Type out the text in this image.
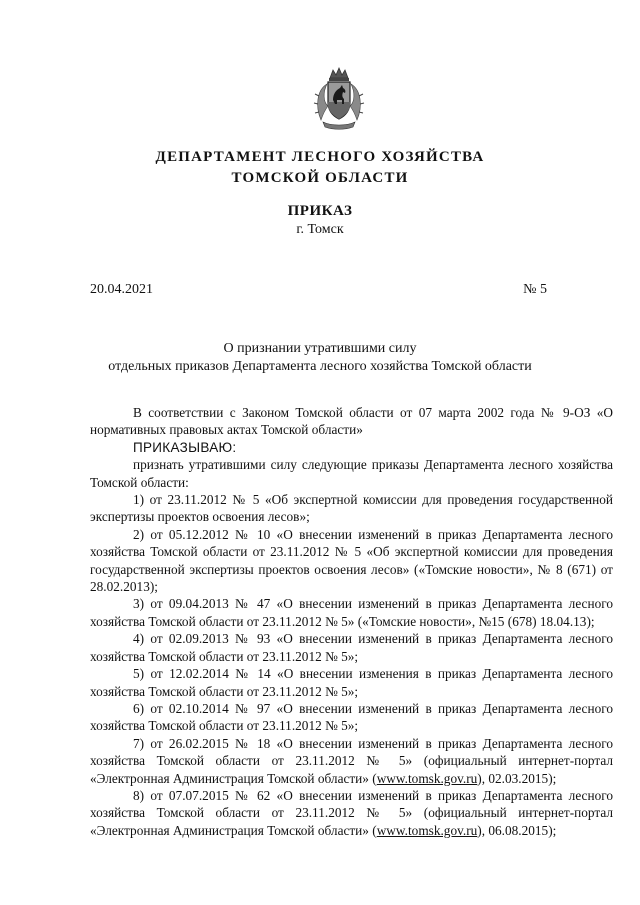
ДЕПАРТАМЕНТ ЛЕСНОГО ХОЗЯЙСТВА
ТОМСКОЙ ОБЛАСТИ
ПРИКАЗ
г. Томск
20.04.2021	№ 5
О признании утратившими силу
отдельных приказов Департамента лесного хозяйства Томской области

В соответствии с Законом Томской области от 07 марта 2002 года № 9-ОЗ «О нормативных правовых актах Томской области»

ПРИКАЗЫВАЮ:

признать утратившими силу следующие приказы Департамента лесного хозяйства Томской области:

1) от 23.11.2012 № 5 «Об экспертной комиссии для проведения государственной экспертизы проектов освоения лесов»;

2) от 05.12.2012 № 10 «О внесении изменений в приказ Департамента лесного хозяйства Томской области от 23.11.2012 № 5 «Об экспертной комиссии для проведения государственной экспертизы проектов освоения лесов» («Томские новости», № 8 (671) от 28.02.2013);

3) от 09.04.2013 № 47 «О внесении изменений в приказ Департамента лесного хозяйства Томской области от 23.11.2012 № 5» («Томские новости», №15 (678) 18.04.13);

4) от 02.09.2013 № 93 «О внесении изменений в приказ Департамента лесного хозяйства Томской области от 23.11.2012 № 5»;

5) от 12.02.2014 № 14 «О внесении изменения в приказ Департамента лесного хозяйства Томской области от 23.11.2012 № 5»;

6) от 02.10.2014 № 97 «О внесении изменений в приказ Департамента лесного хозяйства Томской области от 23.11.2012 № 5»;

7) от 26.02.2015 № 18 «О внесении изменений в приказ Департамента лесного хозяйства Томской области от 23.11.2012 № 5» (официальный интернет-портал «Электронная Администрация Томской области» (www.tomsk.gov.ru), 02.03.2015);

8) от 07.07.2015 № 62 «О внесении изменений в приказ Департамента лесного хозяйства Томской области от 23.11.2012 № 5» (официальный интернет-портал «Электронная Администрация Томской области» (www.tomsk.gov.ru), 06.08.2015);
